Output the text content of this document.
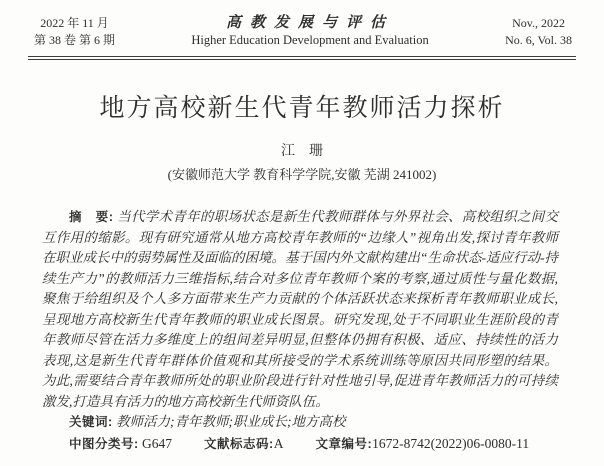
2022 年 11 月
第 38 卷 第 6 期
高教发展与评估
Higher Education Development and Evaluation
Nov., 2022
No. 6, Vol. 38
地方高校新生代青年教师活力探析
江　珊
(安徽师范大学 教育科学学院,安徽 芜湖 241002)

摘　要: 当代学术青年的职场状态是新生代教师群体与外界社会、高校组织之间交互作用的缩影。现有研究通常从地方高校青年教师的“边缘人”视角出发,探讨青年教师在职业成长中的弱势属性及面临的困境。基于国内外文献构建出“生命状态-适应行动-持续生产力”的教师活力三维指标,结合对多位青年教师个案的考察,通过质性与量化数据,聚焦于给组织及个人多方面带来生产力贡献的个体活跃状态来探析青年教师职业成长,呈现地方高校新生代青年教师的职业成长图景。研究发现,处于不同职业生涯阶段的青年教师尽管在活力多维度上的组间差异明显,但整体仍拥有积极、适应、持续性的活力表现,这是新生代青年群体价值观和其所接受的学术系统训练等原因共同形塑的结果。为此,需要结合青年教师所处的职业阶段进行针对性地引导,促进青年教师活力的可持续激发,打造具有活力的地方高校新生代师资队伍。

关键词: 教师活力;青年教师;职业成长;地方高校

中图分类号: G647	文献标志码:A	文章编号:1672-8742(2022)06-0080-11
